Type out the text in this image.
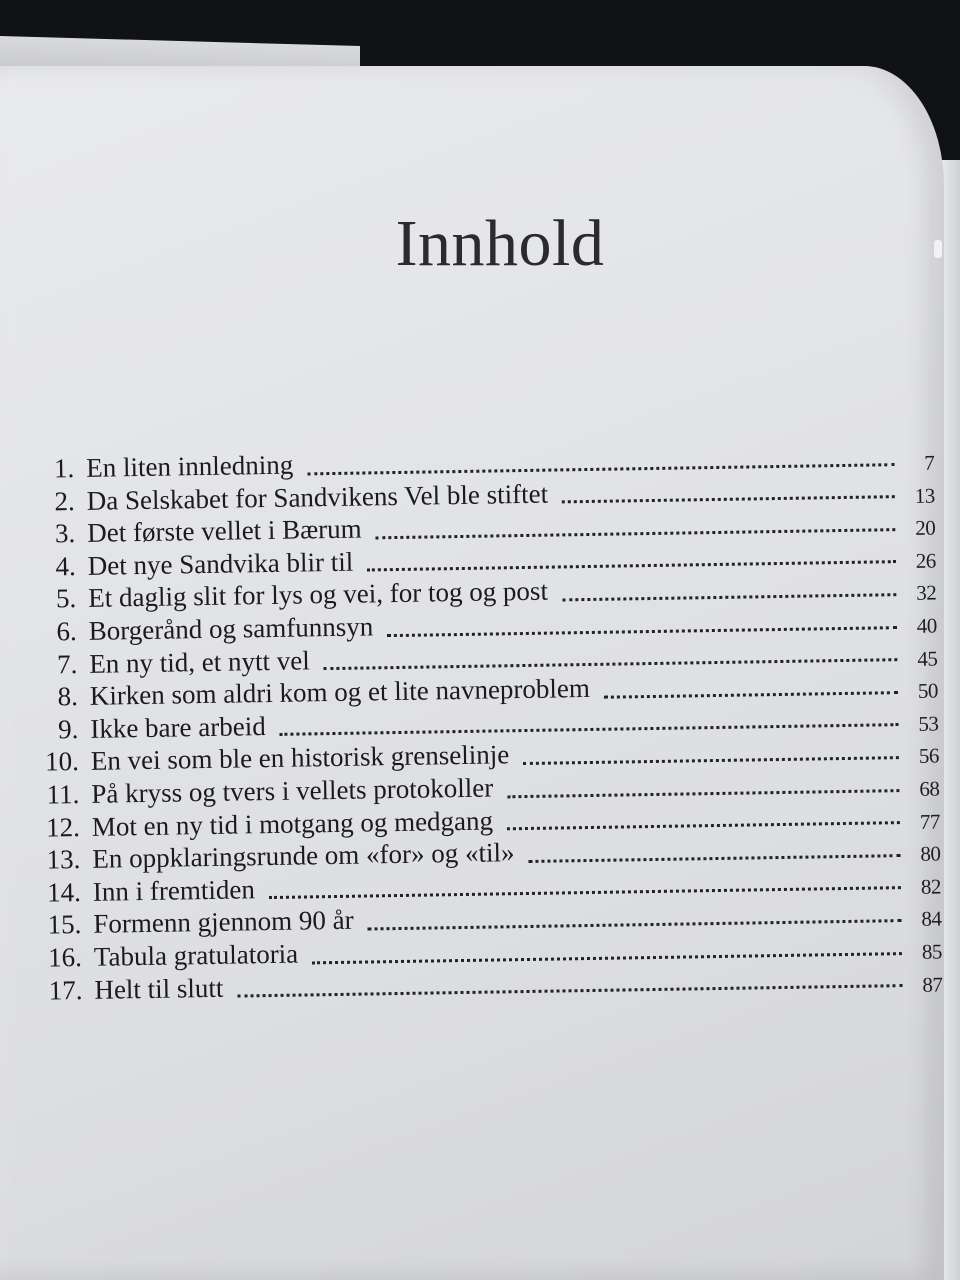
Innhold
1. En liten innledning	7
2. Da Selskabet for Sandvikens Vel ble stiftet	13
3. Det første vellet i Bærum	20
4. Det nye Sandvika blir til	26
5. Et daglig slit for lys og vei, for tog og post	32
6. Borgerånd og samfunnsyn	40
7. En ny tid, et nytt vel	45
8. Kirken som aldri kom og et lite navneproblem	50
9. Ikke bare arbeid	53
10. En vei som ble en historisk grenselinje	56
11. På kryss og tvers i vellets protokoller	68
12. Mot en ny tid i motgang og medgang	77
13. En oppklaringsrunde om «for» og «til»	80
14. Inn i fremtiden	82
15. Formenn gjennom 90 år	84
16. Tabula gratulatoria	85
17. Helt til slutt	87
